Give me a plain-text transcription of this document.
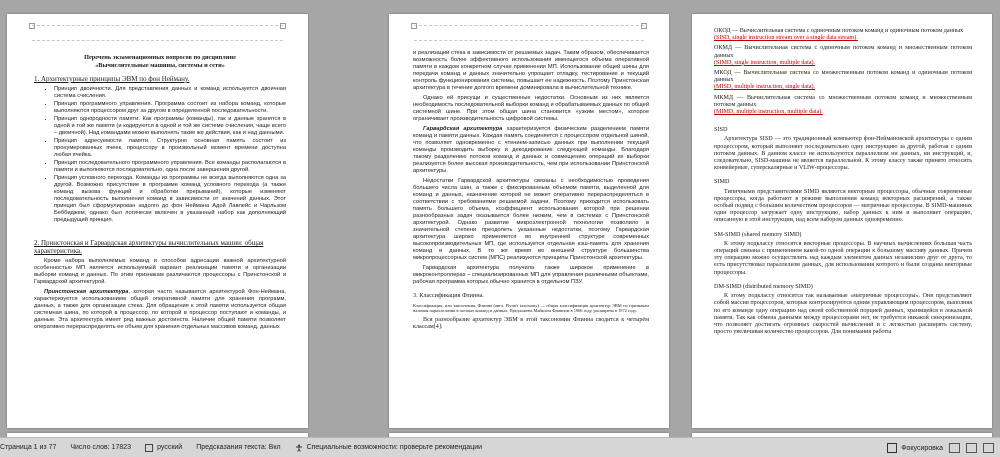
Перечень экзаменационных вопросов по дисциплине
«Вычислительные машины, системы и сети»
1. Архитектурные принципы ЭВМ по фон Нейману.
• Принцип двоичности. Для представления данных и команд используется двоичная система счисления.
• Принцип программного управления. Программа состоит из набора команд, которые выполняются процессором друг за другом в определенной последовательности.
• Принцип однородности памяти. Как программы (команды), так и данные хранятся в одной и той же памяти (и кодируются в одной и той же системе счисления, чаще всего – двоичной). Над командами можно выполнять такие же действия, как и над данными.
• Принцип адресуемости памяти. Структурно основная память состоит из пронумерованных ячеек, процессору в произвольный момент времени доступна любая ячейка.
• Принцип последовательного программного управления. Все команды располагаются в памяти и выполняются последовательно, одна после завершения другой.
• Принцип условного перехода. Команды из программы не всегда выполняются одна за другой. Возможно присутствие в программе команд условного перехода (а также команд вызова функций и обработки прерываний), которые изменяют последовательность выполнения команд в зависимости от значений данных. Этот принцип был сформулирован задолго до фон Неймана Адой Лавлейс и Чарльзом Беббиджем, однако был логически включен в указанный набор как дополняющий предыдущий принцип.
2. Принстонская и Гарвардская архитектуры вычислительных машин: общая характеристика.

Кроме набора выполняемых команд и способов адресации важной архитектурной особенностью МП является используемый вариант реализации памяти и организации выборки команд и данных. По этим признакам различаются процессоры с Принстонской и Гарвардской архитектурой.

Принстонская архитектура, которая часто называется архитектурой Фон-Неймана, характеризуется использованием общей оперативной памяти для хранения программ, данных, а также для организации стека. Для обращения к этой памяти используется общая системная шина, по которой в процессор, по которой в процессор поступают и команды, и данные. Эта архитектура имеет ряд важных достоинств. Наличие общей памяти позволяет оперативно перераспределять ее объем для хранения отдельных массивов команд, данных

и реализации стека в зависимости от решаемых задач. Таким образом, обеспечивается возможность более эффективного использования имеющегося объема оперативной памяти в каждом конкретном случае применения МП. Использование общей шины для передачи команд и данных значительно упрощает отладку, тестирование и текущий контроль функционирования системы, повышает ее надежность. Поэтому Принстонская архитектура в течение долгого времени доминировала в вычислительной технике.

Однако ей присущи и существенные недостатки. Основным из них является необходимость последовательной выборки команд и обрабатываемых данных по общей системной шине. При этом общая шина становится «узким местом», которое ограничивает производительность цифровой системы.

Гарвардская архитектура характеризуется физическим разделением памяти команд и памяти данных. Каждая память соединяется с процессором отдельной шиной, что позволяет одновременно с чтением-записью данных при выполнении текущей команды производить выборку и декодирование следующей команды. Благодаря такому разделению потоков команд и данных и совмещению операций их выборки реализуется более высокая производительность, чем при использовании Принстонской архитектуры.

Недостатки Гарвардской архитектуры связаны с необходимостью проведения большего числа шин, а также с фиксированным объемом памяти, выделенной для команд и данных, назначение которой не может оперативно перераспределяться в соответствии с требованиями решаемой задачи. Поэтому приходится использовать память большего объема, коэффициент использования которой при решении разнообразных задач оказывается более низким, чем в системах с Принстонской архитектурой. Однако развитие микроэлектронной технологии позволило в значительной степени преодолеть указанные недостатки, поэтому Гарвардская архитектура широко применяется во внутренней структуре современных высокопроизводительных МП, где используется отдельная кэш-память для хранения команд и данных. В то же время во внешней структуре большинства микропроцессорных систем (МПС) реализуются принципы Принстонской архитектуры.

Гарвардская архитектура получила также широкое применение в микроконтроллерах – специализированных МП для управления различными объектами, рабочая программа которых обычно хранится в отдельном ПЗУ.

3. Классификация Флинна.

Классификация, или таксономия, Флинна (англ. Flynn's taxonomy) — общая классификация архитектур ЭВМ по признакам наличия параллелизма в потоках команд и данных. Предложена Майклом Флинном в 1966 году, расширена в 1972 году.

Вся разнообразие архитектур ЭВМ в этой таксономии Флинна сводится к четырём классам[4]:

ОКОД — Вычислительная система с одиночным потоком команд и одиночным потоком данных
(SISD, single instruction stream over a single data stream).
ОКМД — Вычислительная система с одиночным потоком команд и множественным потоком данных
(SIMD, single instruction, multiple data).
МКОД — Вычислительная система со множественным потоком команд и одиночным потоком данных
(MISD, multiple instruction, single data).
МКМД — Вычислительная система со множественным потоком команд и множественным потоком данных
(MIMD, multiple instruction, multiple data).
SISD

Архитектура SISD — это традиционный компьютер фон-Неймановской архитектуры с одним процессором, который выполняет последовательно одну инструкцию за другой, работая с одним потоком данных. В данном классе не используются параллелизм ни данных, ни инструкций, и, следовательно, SISD-машина не является параллельной. К этому классу также принято относить конвейерные, суперскалярные и VLIW-процессоры.

SIMD

Типичными представителями SIMD являются векторные процессоры, обычные современные процессоры, когда работают в режиме выполнения команд векторных расширений, а также особый подвид с большим количеством процессоров — матричные процессоры. В SIMD-машинах один процессор загружает одну инструкцию, набор данных к ним и выполняет операцию, описанную в этой инструкции, над всем набором данных одновременно.

SM-SIMD (shared memory SIMD)

К этому подклассу относятся векторные процессоры. В научных вычислениях большая часть операций связана с применением какой-то одной операции к большому массиву данных. Причем эту операцию можно осуществлять над каждым элементом данных независимо друг от друга, то есть присутствовал параллелизм данных, для использования которого и были созданы векторные процессоры.

DM-SIMD (distributed memory SIMD)

К этому подклассу относятся так называемые «матричные процессоры». Они представляют собой массив процессоров, которые контролируются одним управляющим процессором, выполняя по его команде одну операцию над своей собственной порцией данных, хранящейся в локальной памяти. Так как обмена данными между процессорами нет, не требуется никакой синхронизации, что позволяет достигать огромных скоростей вычислений и с легкостью расширять систему, просто увеличивая количество процессоров. Для понимания работы

Страница 1 из 77 Число слов: 17823	русский Предсказания текста: Вкл	Специальные возможности: проверьте рекомендации	Фокусировка
